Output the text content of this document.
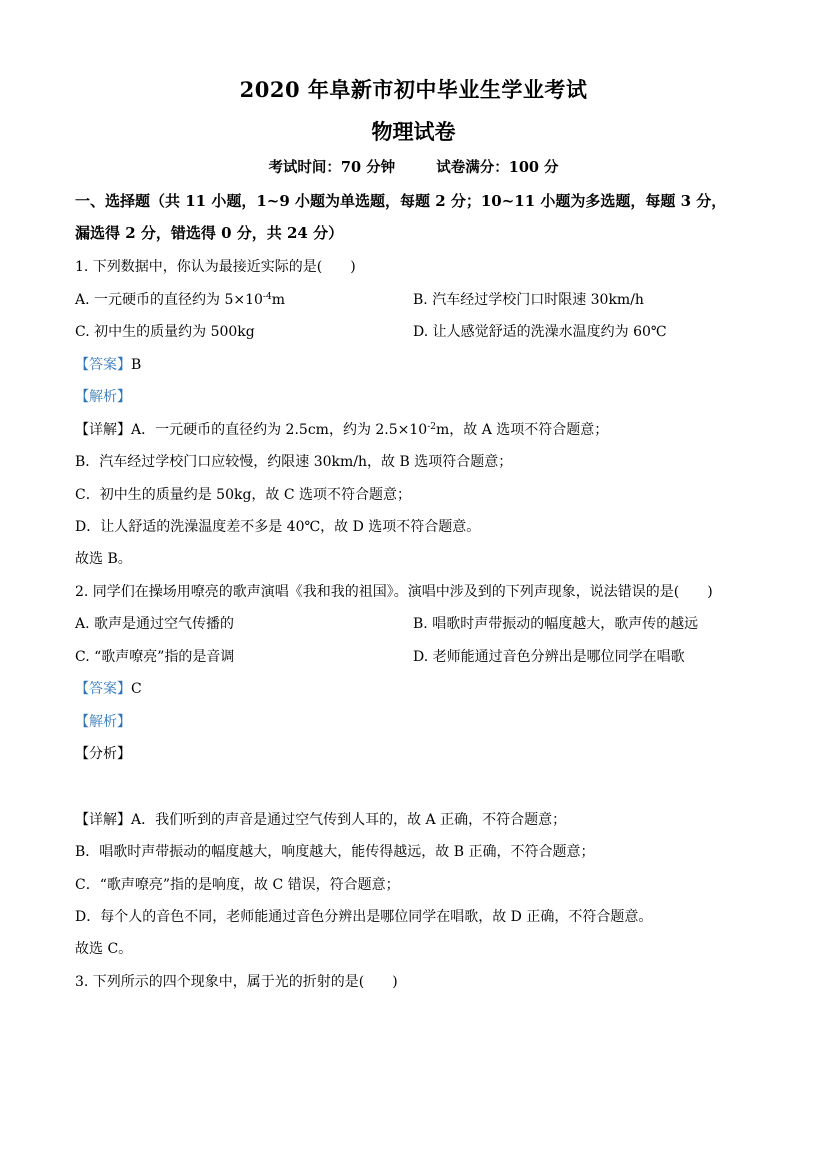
2020 年阜新市初中毕业生学业考试
物理试卷
考试时间：70 分钟	试卷满分：100 分
一、选择题（共 11 小题，1~9 小题为单选题，每题 2 分；10~11 小题为多选题，每题 3 分，
漏选得 2 分，错选得 0 分，共 24 分）
1. 下列数据中，你认为最接近实际的是(　　)
A. 一元硬币的直径约为 $5\times 10^{-4}m$	B. 汽车经过学校门口时限速 30km/h
C. 初中生的质量约为 500kg	D. 让人感觉舒适的洗澡水温度约为 60℃
【答案】B
【解析】
【详解】A．一元硬币的直径约为 2.5cm，约为 $2.5\times 10^{-2}m$，故 A 选项不符合题意；
B．汽车经过学校门口应较慢，约限速 30km/h，故 B 选项符合题意；
C．初中生的质量约是 50kg，故 C 选项不符合题意；
D．让人舒适的洗澡温度差不多是 40℃，故 D 选项不符合题意。
故选 B。
2. 同学们在操场用嘹亮的歌声演唱《我和我的祖国》。演唱中涉及到的下列声现象，说法错误的是(　　)
A. 歌声是通过空气传播的	B. 唱歌时声带振动的幅度越大，歌声传的越远
C. “歌声嘹亮”指的是音调	D. 老师能通过音色分辨出是哪位同学在唱歌
【答案】C
【解析】
【分析】
【详解】A．我们听到的声音是通过空气传到人耳的，故 A 正确，不符合题意；
B．唱歌时声带振动的幅度越大，响度越大，能传得越远，故 B 正确，不符合题意；
C．“歌声嘹亮”指的是响度，故 C 错误，符合题意；
D．每个人的音色不同，老师能通过音色分辨出是哪位同学在唱歌，故 D 正确，不符合题意。
故选 C。
3. 下列所示的四个现象中，属于光的折射的是(　　)
